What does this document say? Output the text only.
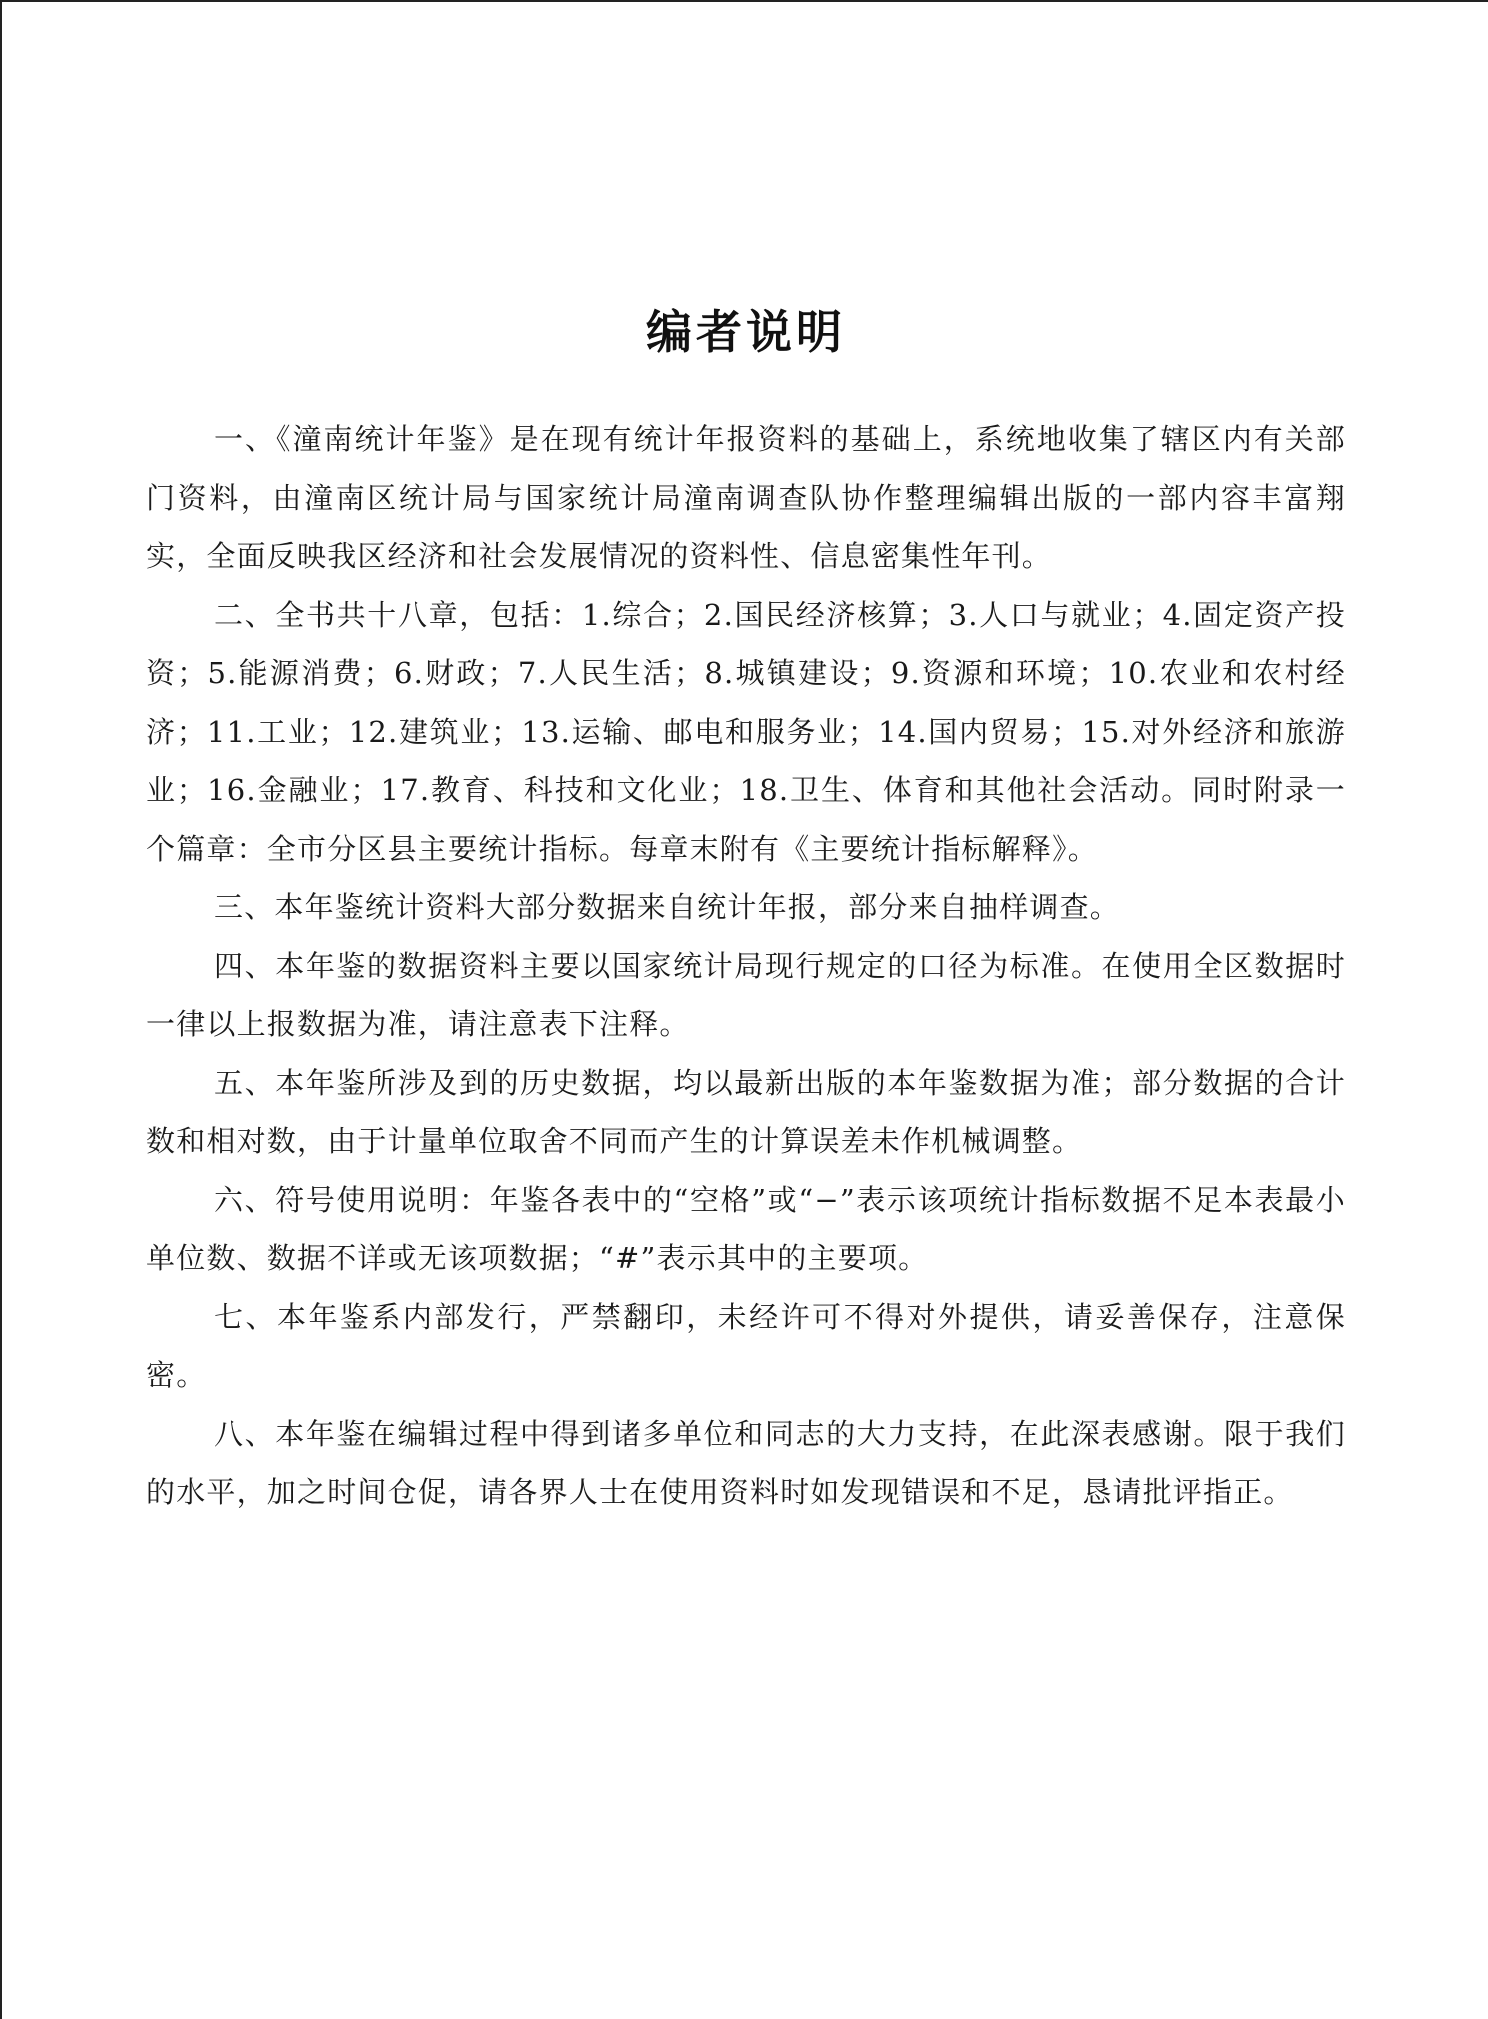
编者说明

一、《潼南统计年鉴》是在现有统计年报资料的基础上，系统地收集了辖区内有关部门资料，由潼南区统计局与国家统计局潼南调查队协作整理编辑出版的一部内容丰富翔实，全面反映我区经济和社会发展情况的资料性、信息密集性年刊。

二、全书共十八章，包括：1.综合；2.国民经济核算；3.人口与就业；4.固定资产投资；5.能源消费；6.财政；7.人民生活；8.城镇建设；9.资源和环境；10.农业和农村经济；11.工业；12.建筑业；13.运输、邮电和服务业；14.国内贸易；15.对外经济和旅游业；16.金融业；17.教育、科技和文化业；18.卫生、体育和其他社会活动。同时附录一个篇章：全市分区县主要统计指标。每章末附有《主要统计指标解释》。

三、本年鉴统计资料大部分数据来自统计年报，部分来自抽样调查。

四、本年鉴的数据资料主要以国家统计局现行规定的口径为标准。在使用全区数据时一律以上报数据为准，请注意表下注释。

五、本年鉴所涉及到的历史数据，均以最新出版的本年鉴数据为准；部分数据的合计数和相对数，由于计量单位取舍不同而产生的计算误差未作机械调整。

六、符号使用说明：年鉴各表中的“空格”或“−”表示该项统计指标数据不足本表最小单位数、数据不详或无该项数据；“#”表示其中的主要项。

七、本年鉴系内部发行，严禁翻印，未经许可不得对外提供，请妥善保存，注意保密。

八、本年鉴在编辑过程中得到诸多单位和同志的大力支持，在此深表感谢。限于我们的水平，加之时间仓促，请各界人士在使用资料时如发现错误和不足，恳请批评指正。
